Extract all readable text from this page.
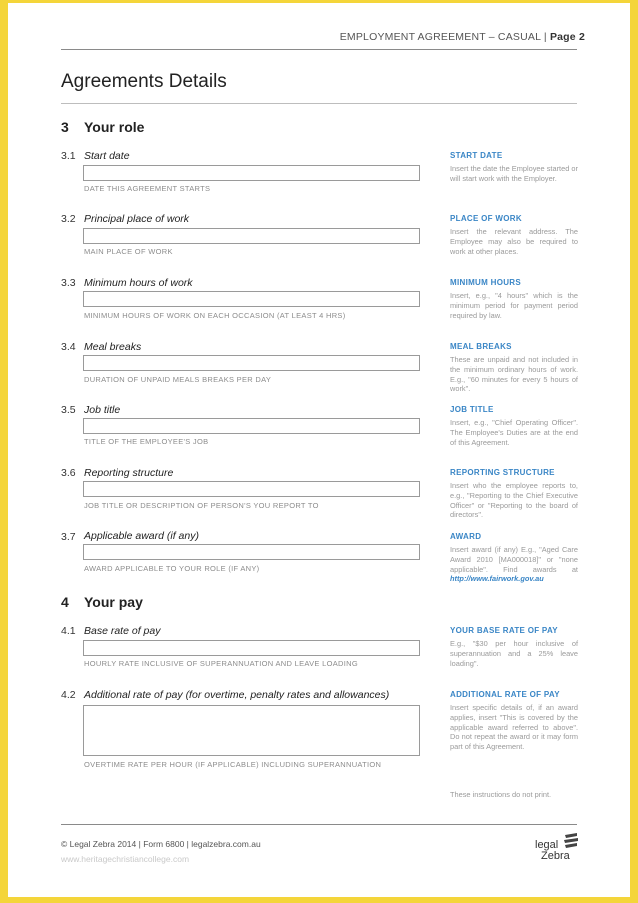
EMPLOYMENT AGREEMENT – CASUAL | Page 2
Agreements Details
3 Your role
3.1 Start date
DATE THIS AGREEMENT STARTS
START DATE
Insert the date the Employee started or will start work with the Employer.
3.2 Principal place of work
MAIN PLACE OF WORK
PLACE OF WORK
Insert the relevant address. The Employee may also be required to work at other places.
3.3 Minimum hours of work
MINIMUM HOURS OF WORK ON EACH OCCASION (AT LEAST 4 HRS)
MINIMUM HOURS
Insert, e.g., "4 hours" which is the minimum period for payment period required by law.
3.4 Meal breaks
DURATION OF UNPAID MEALS BREAKS PER DAY
MEAL BREAKS
These are unpaid and not included in the minimum ordinary hours of work. E.g., "60 minutes for every 5 hours of work".
3.5 Job title
TITLE OF THE EMPLOYEE'S JOB
JOB TITLE
Insert, e.g., "Chief Operating Officer". The Employee's Duties are at the end of this Agreement.
3.6 Reporting structure
JOB TITLE OR DESCRIPTION OF PERSON'S YOU REPORT TO
REPORTING STRUCTURE
Insert who the employee reports to, e.g., "Reporting to the Chief Executive Officer" or "Reporting to the board of directors".
3.7 Applicable award (if any)
AWARD APPLICABLE TO YOUR ROLE (IF ANY)
AWARD
Insert award (if any) E.g., "Aged Care Award 2010 [MA000018]" or "none applicable". Find awards at http://www.fairwork.gov.au
4 Your pay
4.1 Base rate of pay
HOURLY RATE INCLUSIVE OF SUPERANNUATION AND LEAVE LOADING
YOUR BASE RATE OF PAY
E.g., "$30 per hour inclusive of superannuation and a 25% leave loading".
4.2 Additional rate of pay (for overtime, penalty rates and allowances)
OVERTIME RATE PER HOUR (IF APPLICABLE) INCLUDING SUPERANNUATION
ADDITIONAL RATE OF PAY
Insert specific details of, if an award applies, insert "This is covered by the applicable award referred to above". Do not repeat the award or it may form part of this Agreement.
These instructions do not print.
© Legal Zebra 2014 | Form 6800 | legalzebra.com.au
www.heritagechristiancollege.com
legal
Zebra
